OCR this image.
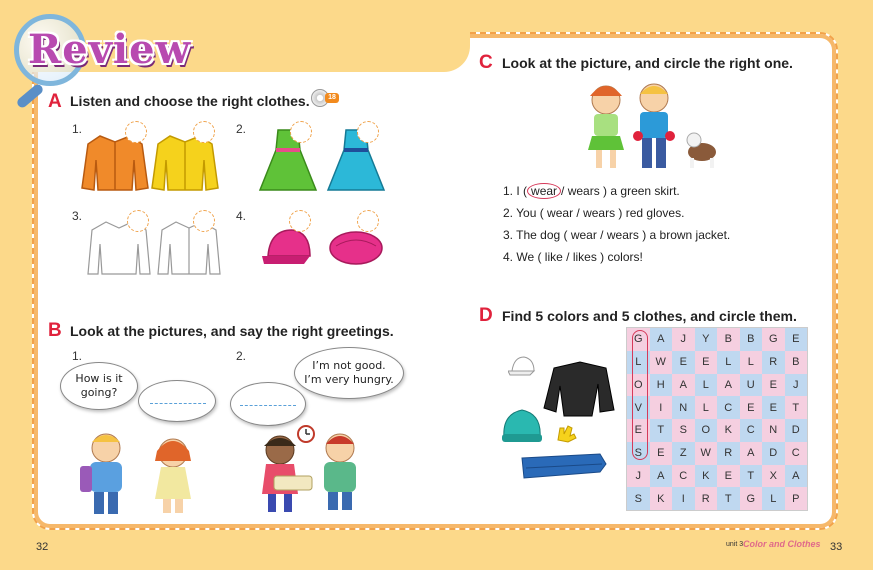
Review
A Listen and choose the right clothes.	18
1.	2.
3.	4.
B Look at the pictures, and say the right greetings.
1.
How is it going?
2.
I’m not good.
I’m very hungry.
C Look at the picture, and circle the right one.
1. I ( wear / wears ) a green skirt.
2. You ( wear / wears ) red gloves.
3. The dog ( wear / wears ) a brown jacket.
4. We ( like / likes ) colors!
D Find 5 colors and 5 clothes, and circle them.
G	A	J	Y	B	B	G	E
L	W	E	E	L	L	R	B
O	H	A	L	A	U	E	J
V	I	N	L	C	E	E	T
E	T	S	O	K	C	N	D
S	E	Z	W	R	A	D	C
J	A	C	K	E	T	X	A
S	K	I	R	T	G	L	P
32	unit 3 Color and Clothes 33
